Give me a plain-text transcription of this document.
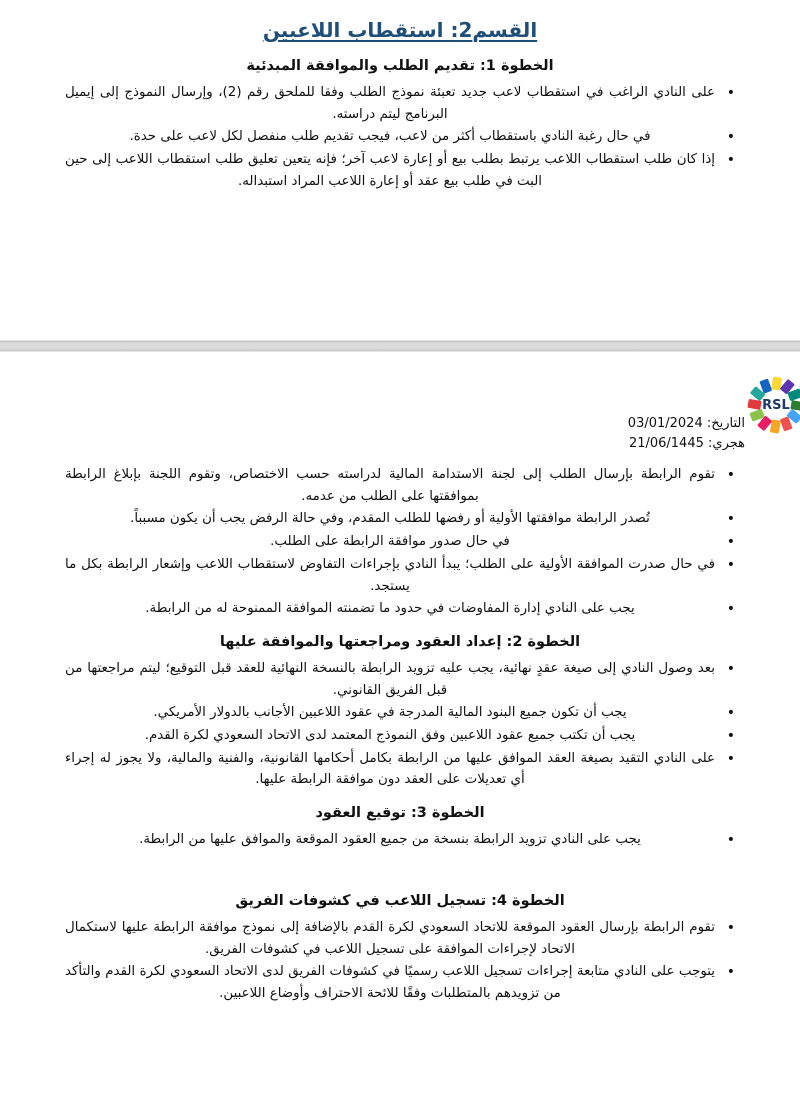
القسم2: استقطاب اللاعبين
الخطوة 1: تقديم الطلب والموافقة المبدئية
• على النادي الراغب في استقطاب لاعب جديد تعبئة نموذج الطلب وفقا للملحق رقم (2)، وإرسال النموذج إلى إيميل البرنامج ليتم دراسته.
• في حال رغبة النادي باستقطاب أكثر من لاعب، فيجب تقديم طلب منفصل لكل لاعب على حدة.
• إذا كان طلب استقطاب اللاعب يرتبط بطلب بيع أو إعارة لاعب آخر؛ فإنه يتعين تعليق طلب استقطاب اللاعب إلى حين البت في طلب بيع عقد أو إعارة اللاعب المراد استبداله.
RSL
التاريخ: 03/01/2024
هجري: 21/06/1445
• تقوم الرابطة بإرسال الطلب إلى لجنة الاستدامة المالية لدراسته حسب الاختصاص، وتقوم اللجنة بإبلاغ الرابطة بموافقتها على الطلب من عدمه.
• تُصدر الرابطة موافقتها الأولية أو رفضها للطلب المقدم، وفي حالة الرفض يجب أن يكون مسبباً.
• في حال صدور موافقة الرابطة على الطلب.
• في حال صدرت الموافقة الأولية على الطلب؛ يبدأ النادي بإجراءات التفاوض لاستقطاب اللاعب وإشعار الرابطة بكل ما يستجد.
• يجب على النادي إدارة المفاوضات في حدود ما تضمنته الموافقة الممنوحة له من الرابطة.
الخطوة 2: إعداد العقود ومراجعتها والموافقة عليها
• بعد وصول النادي إلى صيغة عقدٍ نهائية، يجب عليه تزويد الرابطة بالنسخة النهائية للعقد قبل التوقيع؛ ليتم مراجعتها من قبل الفريق القانوني.
• يجب أن تكون جميع البنود المالية المدرجة في عقود اللاعبين الأجانب بالدولار الأمريكي.
• يجب أن تكتب جميع عقود اللاعبين وفق النموذج المعتمد لدى الاتحاد السعودي لكرة القدم.
• على النادي التقيد بصيغة العقد الموافق عليها من الرابطة بكامل أحكامها القانونية، والفنية والمالية، ولا يجوز له إجراء أي تعديلات على العقد دون موافقة الرابطة عليها.
الخطوة 3: توقيع العقود
• يجب على النادي تزويد الرابطة بنسخة من جميع العقود الموقعة والموافق عليها من الرابطة.
الخطوة 4: تسجيل اللاعب في كشوفات الفريق
• تقوم الرابطة بإرسال العقود الموقعة للاتحاد السعودي لكرة القدم بالإضافة إلى نموذج موافقة الرابطة عليها لاستكمال الاتحاد لإجراءات الموافقة على تسجيل اللاعب في كشوفات الفريق.
• يتوجب على النادي متابعة إجراءات تسجيل اللاعب رسميًا في كشوفات الفريق لدى الاتحاد السعودي لكرة القدم والتأكد من تزويدهم بالمتطلبات وفقًا للائحة الاحتراف وأوضاع اللاعبين.
